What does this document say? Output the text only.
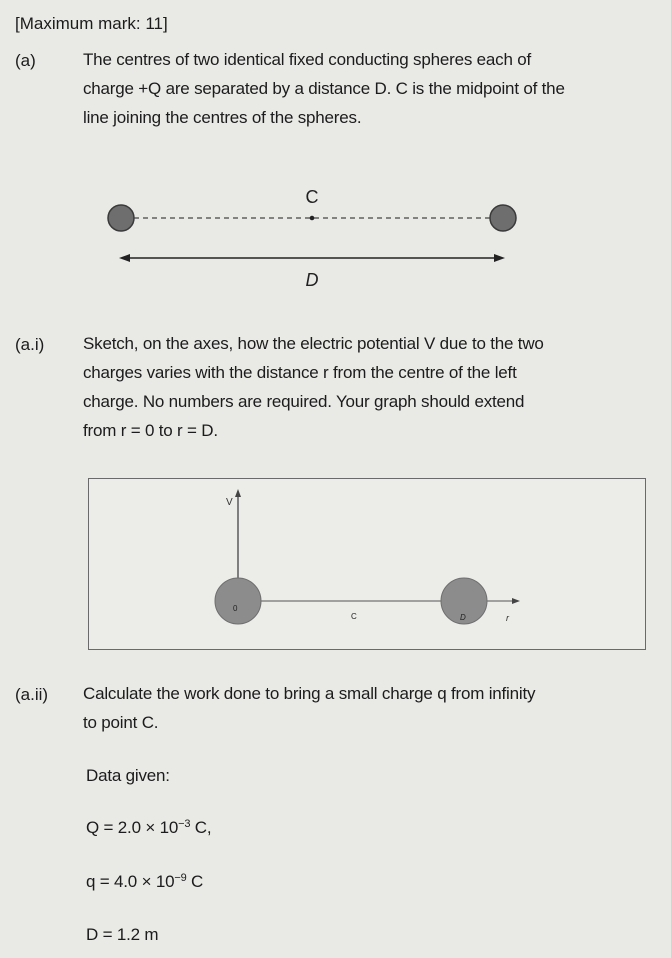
[Maximum mark: 11]
(a)	The centres of two identical fixed conducting spheres each of
charge +Q are separated by a distance D. C is the midpoint of the
line joining the centres of the spheres.
C
D
(a.i) Sketch, on the axes, how the electric potential V due to the two
charges varies with the distance r from the centre of the left
charge. No numbers are required. Your graph should extend
from r = 0 to r = D.
V
r
0
C	D
(a.ii) Calculate the work done to bring a small charge q from infinity
to point C.
Data given:
$Q = 2.0 \times 10^{-3}$ C,
$q = 4.0 \times 10^{-9}$ C
D = 1.2 m
